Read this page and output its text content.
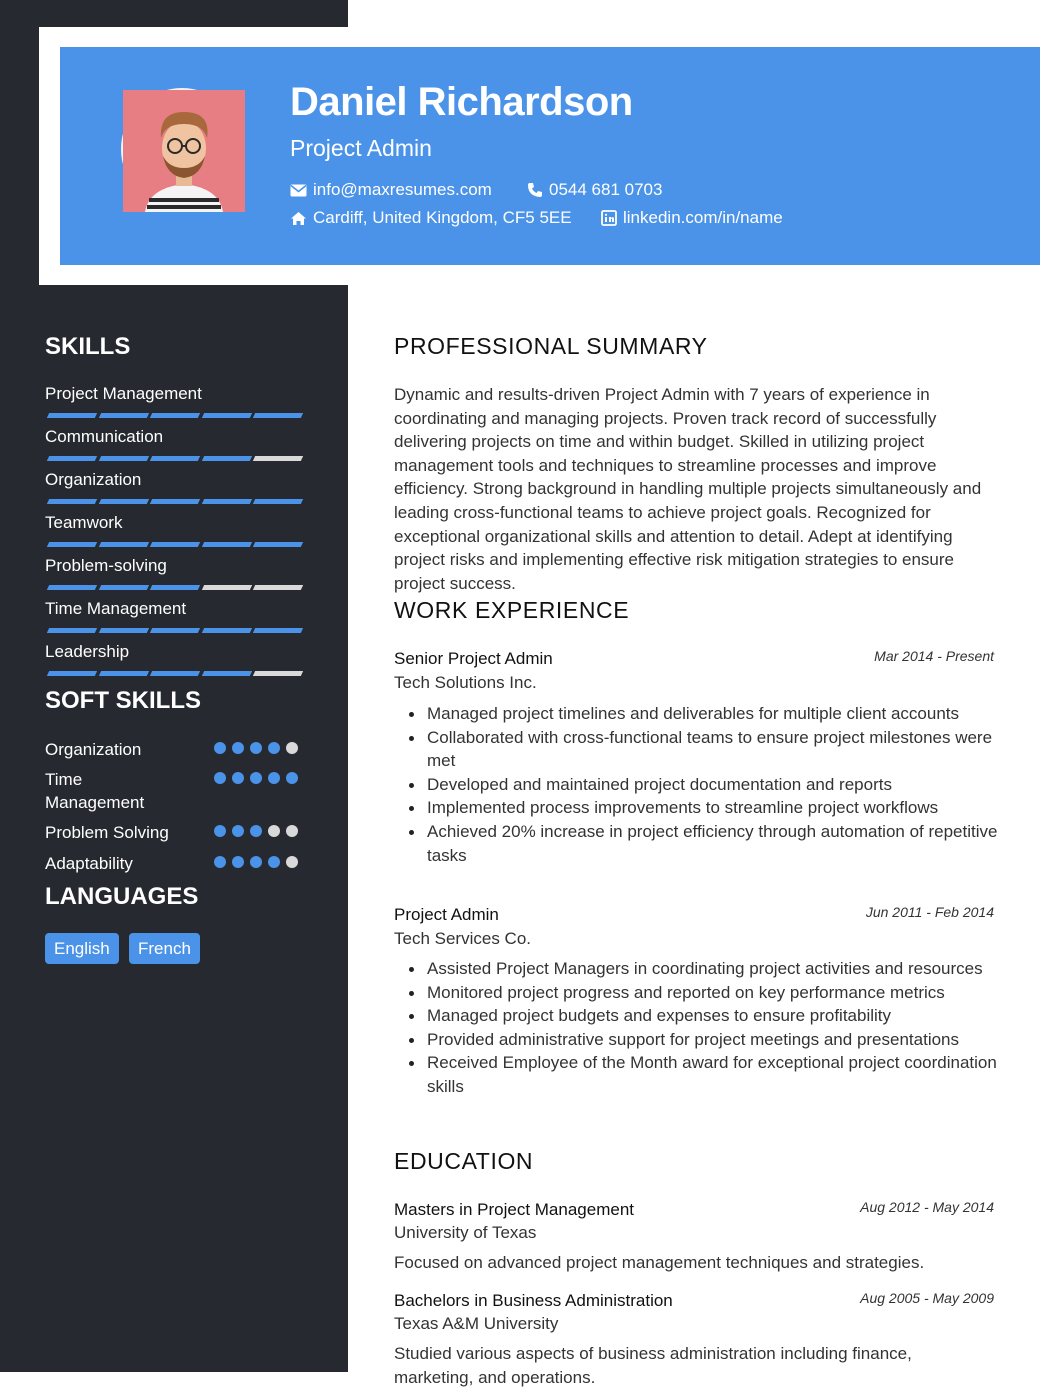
Daniel Richardson
Project Admin
info@maxresumes.com	0544 681 0703
Cardiff, United Kingdom, CF5 5EE	linkedin.com/in/name
SKILLS
Project Management
Communication
Organization
Teamwork
Problem-solving
Time Management
Leadership
SOFT SKILLS
Organization
Time Management
Problem Solving
Adaptability
LANGUAGES
English	French
PROFESSIONAL SUMMARY

Dynamic and results-driven Project Admin with 7 years of experience in coordinating and managing projects. Proven track record of successfully delivering projects on time and within budget. Skilled in utilizing project management tools and techniques to streamline processes and improve efficiency. Strong background in handling multiple projects simultaneously and leading cross-functional teams to achieve project goals. Recognized for exceptional organizational skills and attention to detail. Adept at identifying project risks and implementing effective risk mitigation strategies to ensure project success.

WORK EXPERIENCE
Senior Project Admin	Mar 2014 - Present
Tech Solutions Inc.
Managed project timelines and deliverables for multiple client accounts
Collaborated with cross-functional teams to ensure project milestones were met
Developed and maintained project documentation and reports
Implemented process improvements to streamline project workflows
Achieved 20% increase in project efficiency through automation of repetitive tasks
Project Admin	Jun 2011 - Feb 2014
Tech Services Co.
Assisted Project Managers in coordinating project activities and resources
Monitored project progress and reported on key performance metrics
Managed project budgets and expenses to ensure profitability
Provided administrative support for project meetings and presentations
Received Employee of the Month award for exceptional project coordination skills
EDUCATION
Masters in Project Management	Aug 2012 - May 2014
University of Texas

Focused on advanced project management techniques and strategies.

Bachelors in Business Administration	Aug 2005 - May 2009
Texas A&M University

Studied various aspects of business administration including finance, marketing, and operations.
